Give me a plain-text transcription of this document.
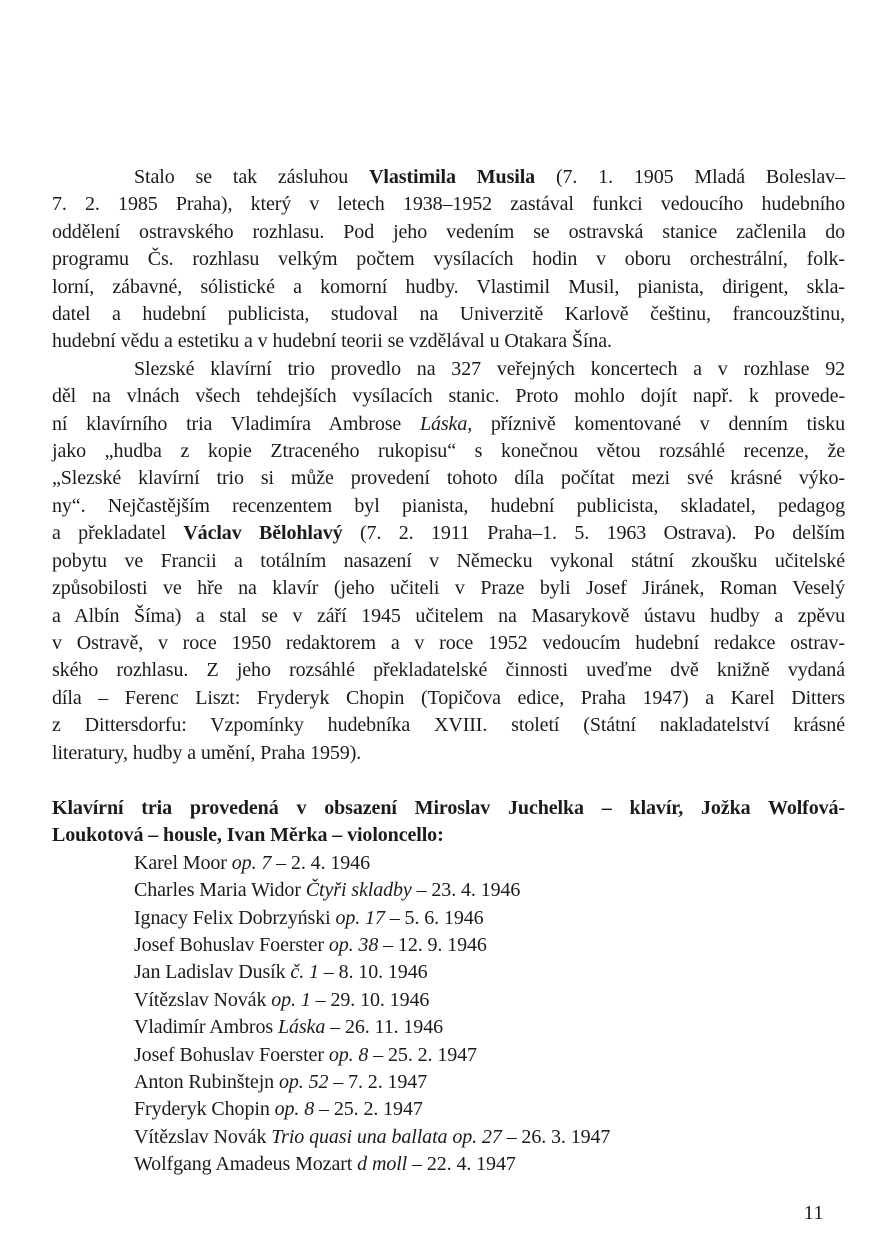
Stalo se tak zásluhou Vlastimila Musila (7. 1. 1905 Mladá Boleslav–
7. 2. 1985 Praha), který v letech 1938–1952 zastával funkci vedoucího hudebního
oddělení ostravského rozhlasu. Pod jeho vedením se ostravská stanice začlenila do
programu Čs. rozhlasu velkým počtem vysílacích hodin v oboru orchestrální, folk-
lorní, zábavné, sólistické a komorní hudby. Vlastimil Musil, pianista, dirigent, skla-
datel a hudební publicista, studoval na Univerzitě Karlově češtinu, francouzštinu,
hudební vědu a estetiku a v hudební teorii se vzdělával u Otakara Šína.
Slezské klavírní trio provedlo na 327 veřejných koncertech a v rozhlase 92
děl na vlnách všech tehdejších vysílacích stanic. Proto mohlo dojít např. k provede-
ní klavírního tria Vladimíra Ambrose Láska, příznivě komentované v denním tisku
jako „hudba z kopie Ztraceného rukopisu“ s konečnou větou rozsáhlé recenze, že
„Slezské klavírní trio si může provedení tohoto díla počítat mezi své krásné výko-
ny“. Nejčastějším recenzentem byl pianista, hudební publicista, skladatel, pedagog
a překladatel Václav Bělohlavý (7. 2. 1911 Praha–1. 5. 1963 Ostrava). Po delším
pobytu ve Francii a totálním nasazení v Německu vykonal státní zkoušku učitelské
způsobilosti ve hře na klavír (jeho učiteli v Praze byli Josef Jiránek, Roman Veselý
a Albín Šíma) a stal se v září 1945 učitelem na Masarykově ústavu hudby a zpěvu
v Ostravě, v roce 1950 redaktorem a v roce 1952 vedoucím hudební redakce ostrav-
ského rozhlasu. Z jeho rozsáhlé překladatelské činnosti uveďme dvě knižně vydaná
díla – Ferenc Liszt: Fryderyk Chopin (Topičova edice, Praha 1947) a Karel Ditters
z Dittersdorfu: Vzpomínky hudebníka XVIII. století (Státní nakladatelství krásné
literatury, hudby a umění, Praha 1959).
Klavírní tria provedená v obsazení Miroslav Juchelka – klavír, Jožka Wolfová-
Loukotová – housle, Ivan Měrka – violoncello:
Karel Moor op. 7 – 2. 4. 1946
Charles Maria Widor Čtyři skladby – 23. 4. 1946
Ignacy Felix Dobrzyński op. 17 – 5. 6. 1946
Josef Bohuslav Foerster op. 38 – 12. 9. 1946
Jan Ladislav Dusík č. 1 – 8. 10. 1946
Vítězslav Novák op. 1 – 29. 10. 1946
Vladimír Ambros Láska – 26. 11. 1946
Josef Bohuslav Foerster op. 8 – 25. 2. 1947
Anton Rubinštejn op. 52 – 7. 2. 1947
Fryderyk Chopin op. 8 – 25. 2. 1947
Vítězslav Novák Trio quasi una ballata op. 27 – 26. 3. 1947
Wolfgang Amadeus Mozart d moll – 22. 4. 1947
11
